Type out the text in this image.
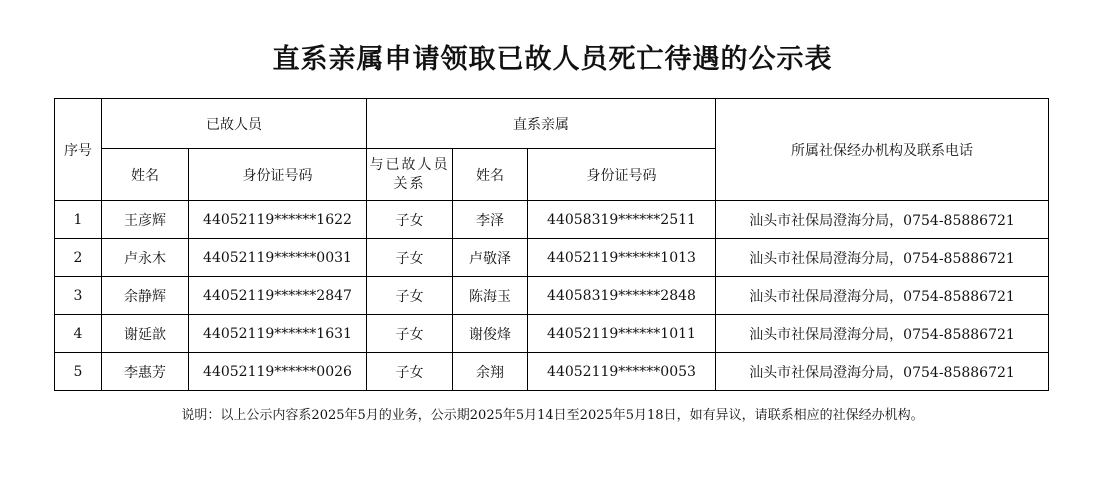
直系亲属申请领取已故人员死亡待遇的公示表
序号	已故人员		直系亲属			所属社保经办机构及联系电话
	姓名	身份证号码	与已故人员关系	姓名	身份证号码	
1	王彦辉	44052119******1622	子女	李泽	44058319******2511	汕头市社保局澄海分局，0754-85886721
2	卢永木	44052119******0031	子女	卢敬泽	44052119******1013	汕头市社保局澄海分局，0754-85886721
3	余静辉	44052119******2847	子女	陈海玉	44058319******2848	汕头市社保局澄海分局，0754-85886721
4	谢延歆	44052119******1631	子女	谢俊烽	44052119******1011	汕头市社保局澄海分局，0754-85886721
5	李惠芳	44052119******0026	子女	余翔	44052119******0053	汕头市社保局澄海分局，0754-85886721
说明：以上公示内容系2025年5月的业务，公示期2025年5月14日至2025年5月18日，如有异议，请联系相应的社保经办机构。
